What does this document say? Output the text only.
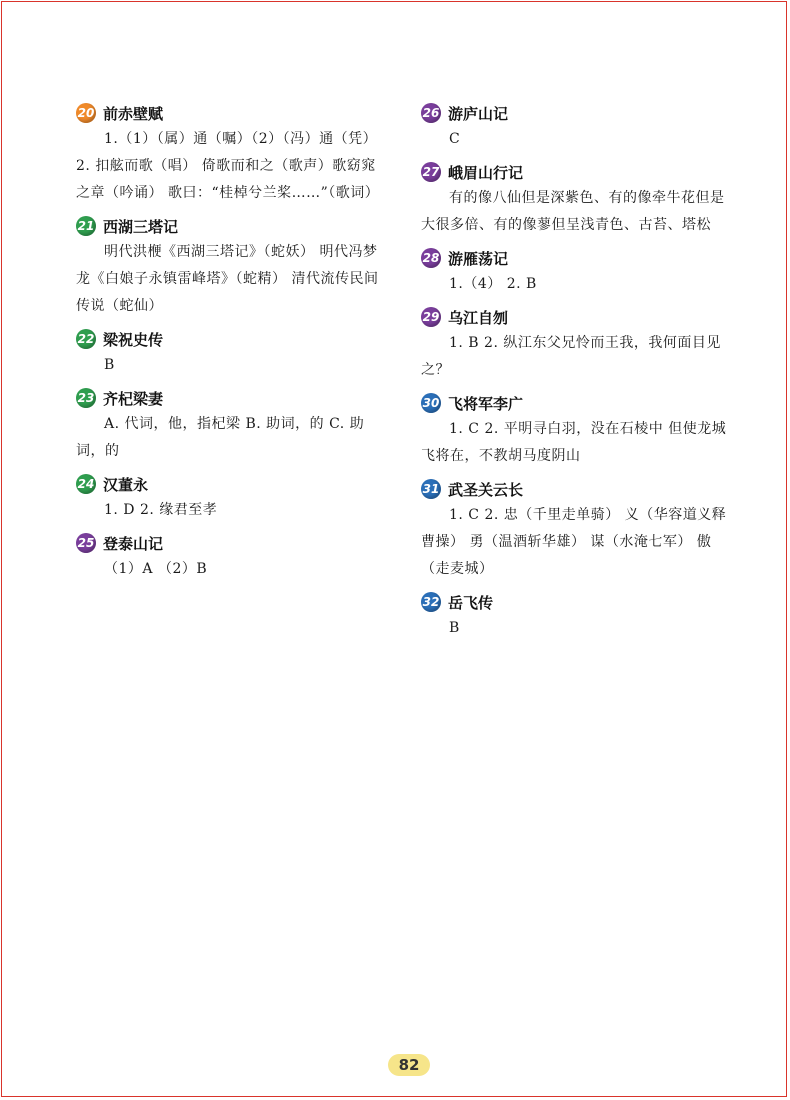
20 前赤壁赋

1.（1）（属）通（嘱）（2）（冯）通（凭）

2. 扣舷而歌（唱） 倚歌而和之（歌声）歌窈窕之章（吟诵） 歌曰：“桂棹兮兰桨……”（歌词）

21 西湖三塔记

明代洪楩《西湖三塔记》（蛇妖） 明代冯梦龙《白娘子永镇雷峰塔》（蛇精） 清代流传民间传说（蛇仙）

22 梁祝史传

B

23 齐杞梁妻

A. 代词，他，指杞梁 B. 助词，的 C. 助词，的

24 汉董永

1. D 2. 缘君至孝

25 登泰山记

（1）A （2）B

26 游庐山记

C

27 峨眉山行记

有的像八仙但是深紫色、有的像牵牛花但是大很多倍、有的像蓼但呈浅青色、古苔、塔松

28 游雁荡记

1.（4） 2. B

29 乌江自刎

1. B 2. 纵江东父兄怜而王我，我何面目见之？

30 飞将军李广

1. C 2. 平明寻白羽，没在石棱中 但使龙城飞将在，不教胡马度阴山

31 武圣关云长

1. C 2. 忠（千里走单骑） 义（华容道义释曹操） 勇（温酒斩华雄） 谋（水淹七军） 傲（走麦城）

32 岳飞传

B

82
